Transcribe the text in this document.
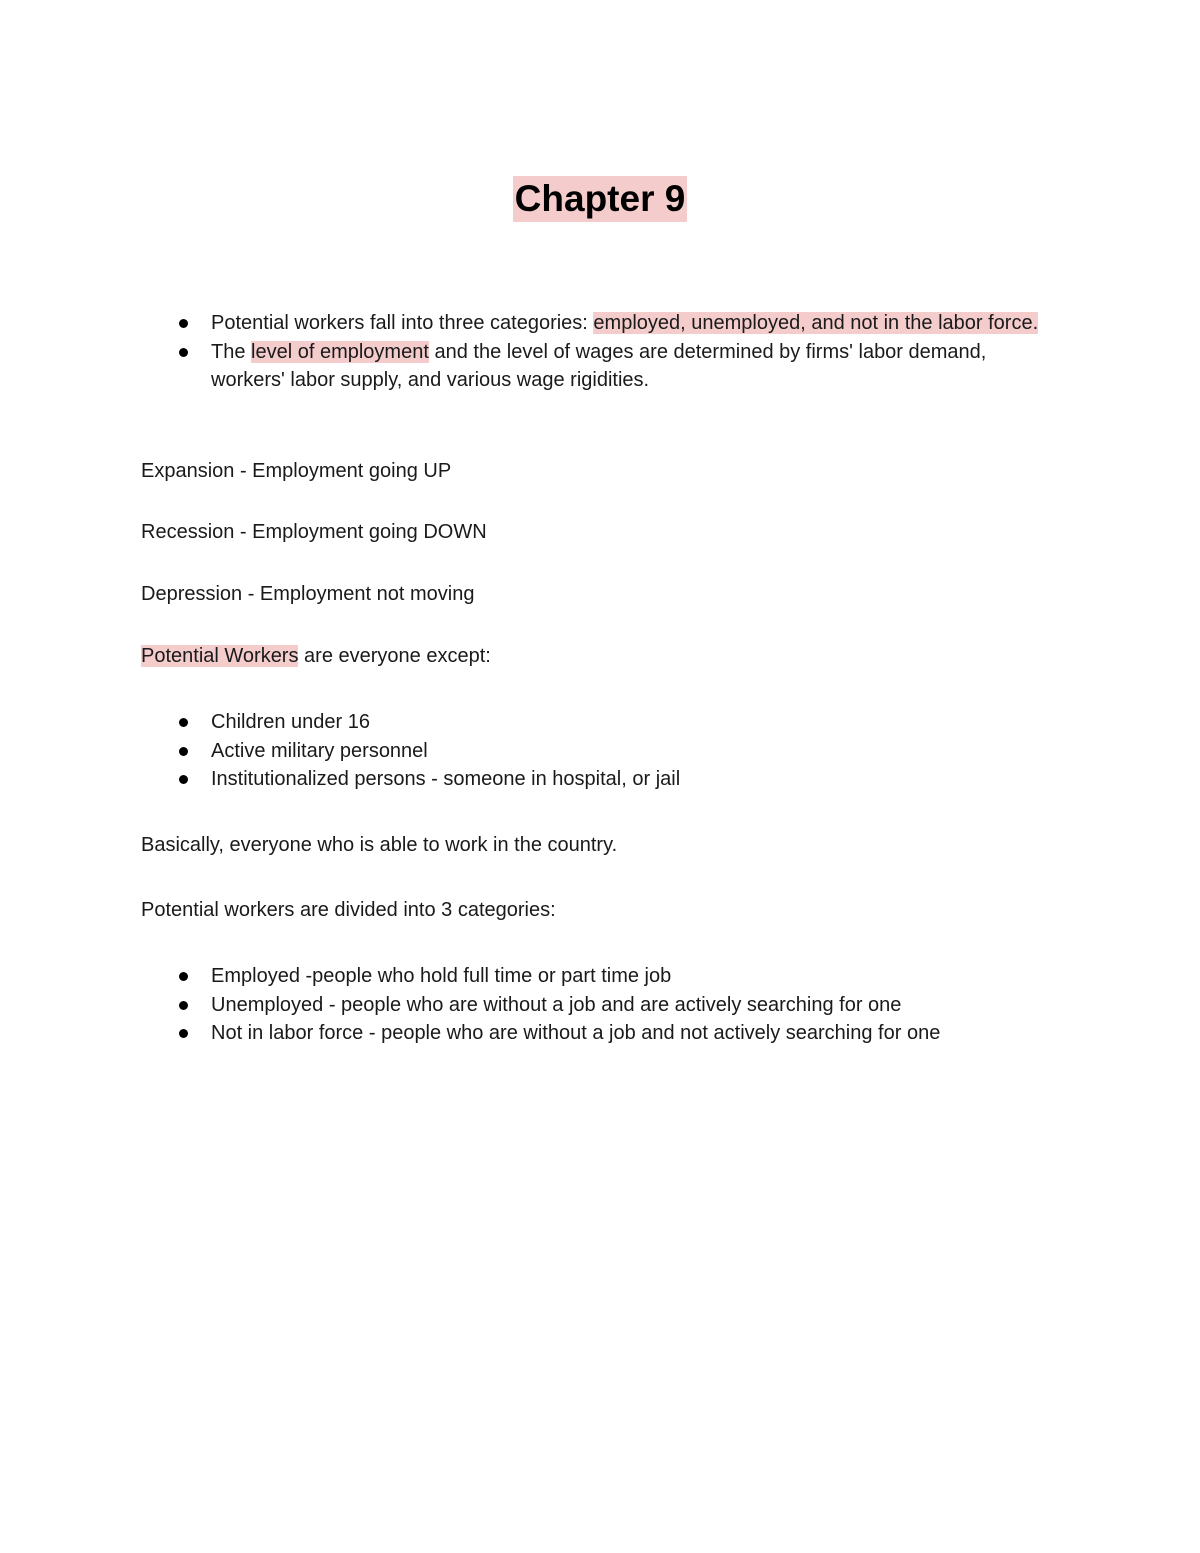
Chapter 9
Potential workers fall into three categories: employed, unemployed, and not in the labor force.
The level of employment and the level of wages are determined by firms' labor demand, workers' labor supply, and various wage rigidities.
Expansion - Employment going UP
Recession - Employment going DOWN
Depression - Employment not moving
Potential Workers are everyone except:
Children under 16
Active military personnel
Institutionalized persons - someone in hospital, or jail
Basically, everyone who is able to work in the country.
Potential workers are divided into 3 categories:
Employed -people who hold full time or part time job
Unemployed - people who are without a job and are actively searching for one
Not in labor force - people who are without a job and not actively searching for one
